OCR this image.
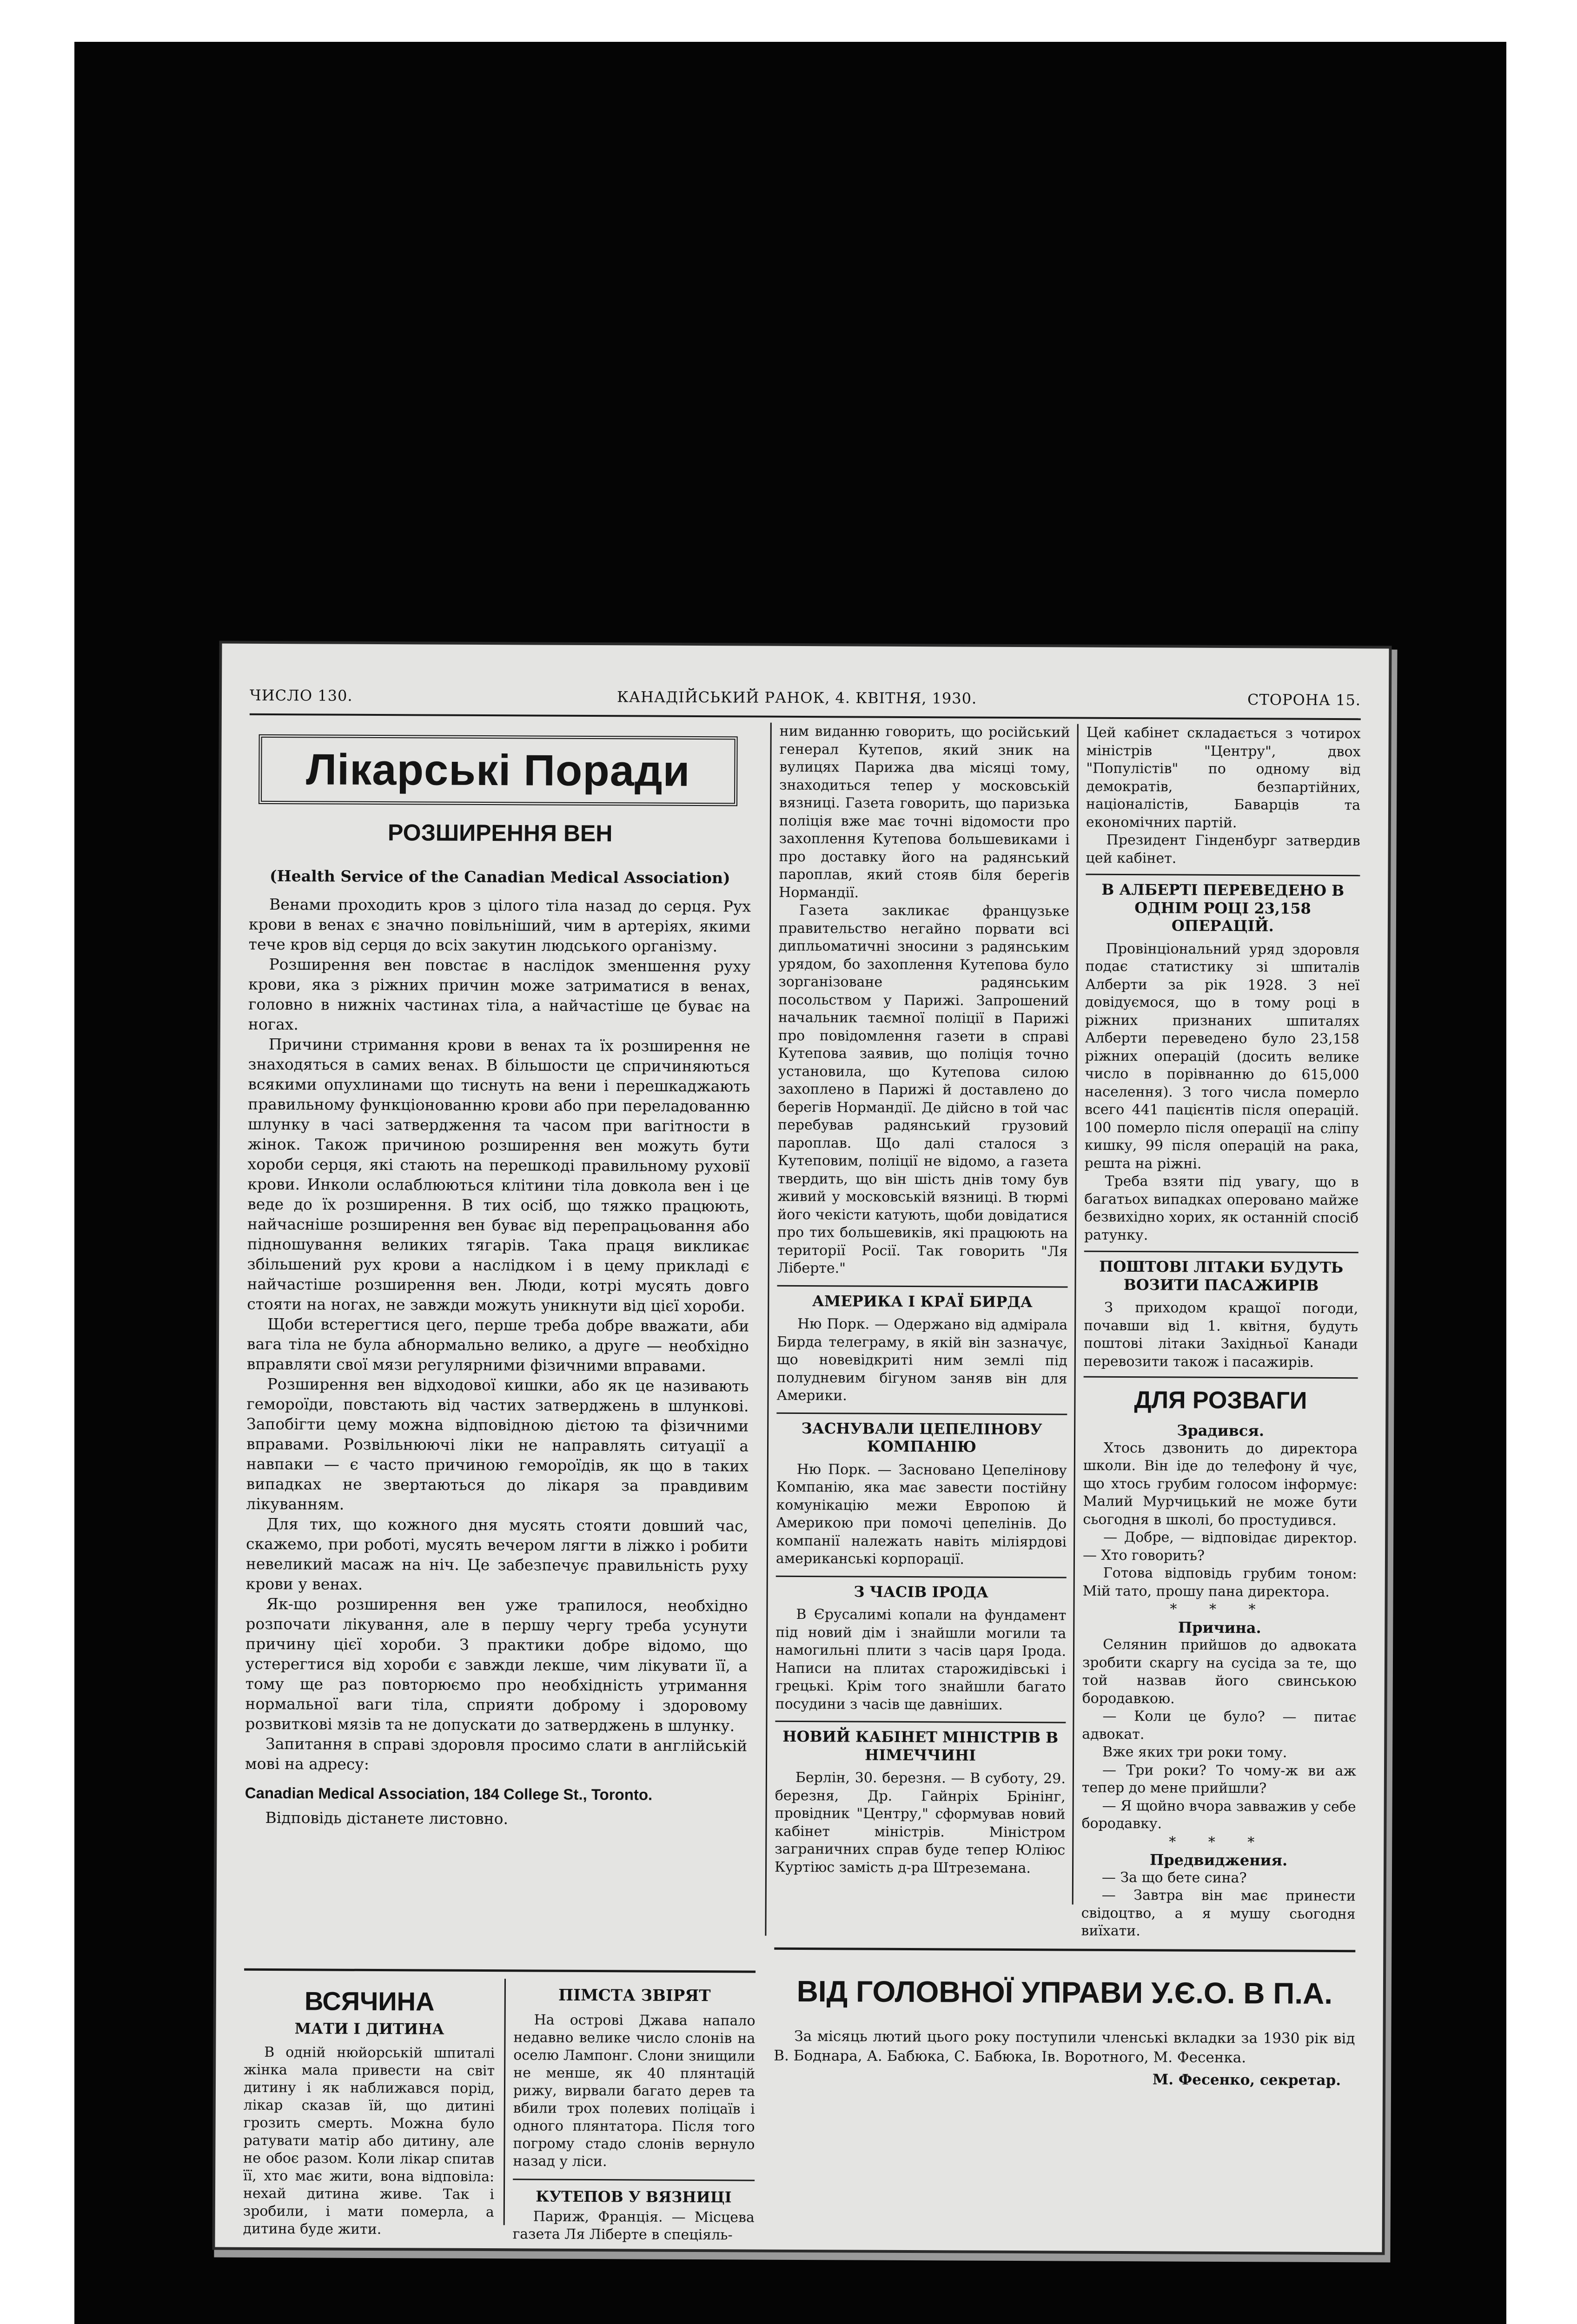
ЧИСЛО 130.	КАНАДІЙСЬКИЙ РАНОК, 4. КВІТНЯ, 1930.	СТОРОНА 15.
Лікарські Поради
РОЗШИРЕННЯ ВЕН
(Health Service of the Canadian Medical Association)

Венами проходить кров з цілого тіла назад до серця. Рух крови в венах є значно повільніший, чим в артеріях, якими тече кров від серця до всіх закутин людського організму.

Розширення вен повстає в наслідок зменшення руху крови, яка з ріжних причин може затриматися в венах, головно в нижніх частинах тіла, а найчастіше це буває на ногах.

Причини стримання крови в венах та їх розширення не знаходяться в самих венах. В більшости це спричиняються всякими опухлинами що тиснуть на вени і перешкаджають правильному функціонованню крови або при переладованню шлунку в часі затвердження та часом при вагітности в жінок. Також причиною розширення вен можуть бути хороби серця, які стають на перешкоді правильному руховії крови. Инколи ослаблюються клітини тіла довкола вен і це веде до їх розширення. В тих осіб, що тяжко працюють, найчасніше розширення вен буває від перепрацьовання або підношування великих тягарів. Така праця викликає збільшений рух крови а наслідком і в цему прикладі є найчастіше розширення вен. Люди, котрі мусять довго стояти на ногах, не завжди можуть уникнути від цієї хороби.

Щоби встерегтися цего, перше треба добре вважати, аби вага тіла не була абнормально велико, а друге — необхідно вправляти свої мязи регулярними фізичними вправами.

Розширення вен відходової кишки, або як це називають гемороїди, повстають від частих затверджень в шлункові. Запобігти цему можна відповідною дієтою та фізичними вправами. Розвільнюючі ліки не направлять ситуації а навпаки — є часто причиною гемороїдів, як що в таких випадках не звертаються до лікаря за правдивим лікуванням.

Для тих, що кожного дня мусять стояти довший час, скажемо, при роботі, мусять вечером лягти в ліжко і робити невеликий масаж на ніч. Це забезпечує правильність руху крови у венах.

Як-що розширення вен уже трапилося, необхідно розпочати лікування, але в першу чергу треба усунути причину цієї хороби. З практики добре відомо, що устерегтися від хороби є завжди лекше, чим лікувати її, а тому ще раз повторюємо про необхідність утримання нормальної ваги тіла, сприяти доброму і здоровому розвиткові мязів та не допускати до затверджень в шлунку.

Запитання в справі здоровля просимо слати в англійській мові на адресу:

Canadian Medical Association, 184 College St., Toronto.

Відповідь дістанете листовно.

ВСЯЧИНА
МАТИ І ДИТИНА

В одній нюйорській шпиталі жінка мала привести на світ дитину і як наближався порід, лікар сказав їй, що дитині грозить смерть. Можна було ратувати матір або дитину, але не обоє разом. Коли лікар спитав її, хто має жити, вона відповіла: нехай дитина живе. Так і зробили, і мати померла, а дитина буде жити.

ПІМСТА ЗВІРЯТ

На острові Джава напало недавно велике число слонів на оселю Лампонг. Слони знищили не менше, як 40 плянтацій рижу, вирвали багато дерев та вбили трох полевих поліцаїв і одного плянтатора. Після того погрому стадо слонів вернуло назад у ліси.

КУТЕПОВ У ВЯЗНИЦІ

Париж, Франція. — Місцева газета Ля Ліберте в спеціяль-

ним виданню говорить, що російський генерал Кутепов, який зник на вулицях Парижа два місяці тому, знаходиться тепер у московській вязниці. Газета говорить, що паризька поліція вже має точні відомости про захоплення Кутепова большевиками і про доставку його на радянський пароплав, який стояв біля берегів Нормандії.

Газета закликає французьке правительство негайно порвати всі дипльоматичні зносини з радянським урядом, бо захоплення Кутепова було зорганізоване радянським посольством у Парижі. Запрошений начальник таємної поліції в Парижі про повідомлення газети в справі Кутепова заявив, що поліція точно установила, що Кутепова силою захоплено в Парижі й доставлено до берегів Нормандії. Де дійсно в той час перебував радянський грузовий пароплав. Що далі сталося з Кутеповим, поліції не відомо, а газета твердить, що він шість днів тому був живий у московській вязниці. В тюрмі його чекісти катують, щоби довідатися про тих большевиків, які працюють на території Росії. Так говорить "Ля Ліберте."

АМЕРИКА І КРАЇ БИРДА

Ню Порк. — Одержано від адмірала Бирда телеграму, в якій він зазначує, що новевідкриті ним землі під полудневим бігуном заняв він для Америки.

ЗАСНУВАЛИ ЦЕПЕЛІНОВУ КОМПАНІЮ

Ню Порк. — Засновано Цепелінову Компанію, яка має завести постійну комунікацію межи Европою й Америкою при помочі цепелінів. До компанії належать навіть міліярдові американські корпорації.

З ЧАСІВ ІРОДА

В Єрусалимі копали на фундамент під новий дім і знайшли могили та намогильні плити з часів царя Ірода. Написи на плитах старожидівські і грецькі. Крім того знайшли багато посудини з часів ще давніших.

НОВИЙ КАБІНЕТ МІНІСТРІВ В НІМЕЧЧИНІ

Берлін, 30. березня. — В суботу, 29. березня, Др. Гайнріх Брінінг, провідник "Центру," сформував новий кабінет міністрів. Міністром заграничних справ буде тепер Юліюс Куртіюс замість д-ра Штреземана.

Цей кабінет складається з чотирох міністрів "Центру", двох "Популістів" по одному від демократів, безпартійних, націоналістів, Баварців та економічних партій.

Президент Гінденбург затвердив цей кабінет.

В АЛБЕРТІ ПЕРЕВЕДЕНО В ОДНІМ РОЦІ 23,158 ОПЕРАЦІЙ.

Провінціональний уряд здоровля подає статистику зі шпиталів Алберти за рік 1928. З неї довідуємося, що в тому році в ріжних признаних шпиталях Алберти переведено було 23,158 ріжних операцій (досить велике число в порівнанню до 615,000 населення). З того числа померло всего 441 пацієнтів після операцій. 100 померло після операції на сліпу кишку, 99 після операцій на рака, решта на ріжні.

Треба взяти під увагу, що в багатьох випадках оперовано майже безвихідно хорих, як останній спосіб ратунку.

ПОШТОВІ ЛІТАКИ БУДУТЬ ВОЗИТИ ПАСАЖИРІВ

З приходом кращої погоди, почавши від 1. квітня, будуть поштові літаки Західньої Канади перевозити також і пасажирів.

ДЛЯ РОЗВАГИ
Зрадився.

Хтось дзвонить до директора школи. Він іде до телефону й чує, що хтось грубим голосом інформує: Малий Мурчицький не може бути сьогодня в школі, бо простудився.

— Добре, — відповідає директор. — Хто говорить?

Готова відповідь грубим тоном: Мій тато, прошу пана директора.

* * *
Причина.

Селянин прийшов до адвоката зробити скаргу на сусіда за те, що той назвав його свинською бородавкою.

— Коли це було? — питає адвокат.

Вже яких три роки тому.

— Три роки? То чому-ж ви аж тепер до мене прийшли?

— Я щойно вчора завважив у себе бородавку.

* * *
Предвиджения.

— За що бете сина?

— Завтра він має принести свідоцтво, а я мушу сьогодня виїхати.

ВІД ГОЛОВНОЇ УПРАВИ У.Є.О. В П.А.

За місяць лютий цього року поступили членські вкладки за 1930 рік від В. Боднара, А. Бабюка, С. Бабюка, Ів. Воротного, М. Фесенка.

М. Фесенко, секретар.
